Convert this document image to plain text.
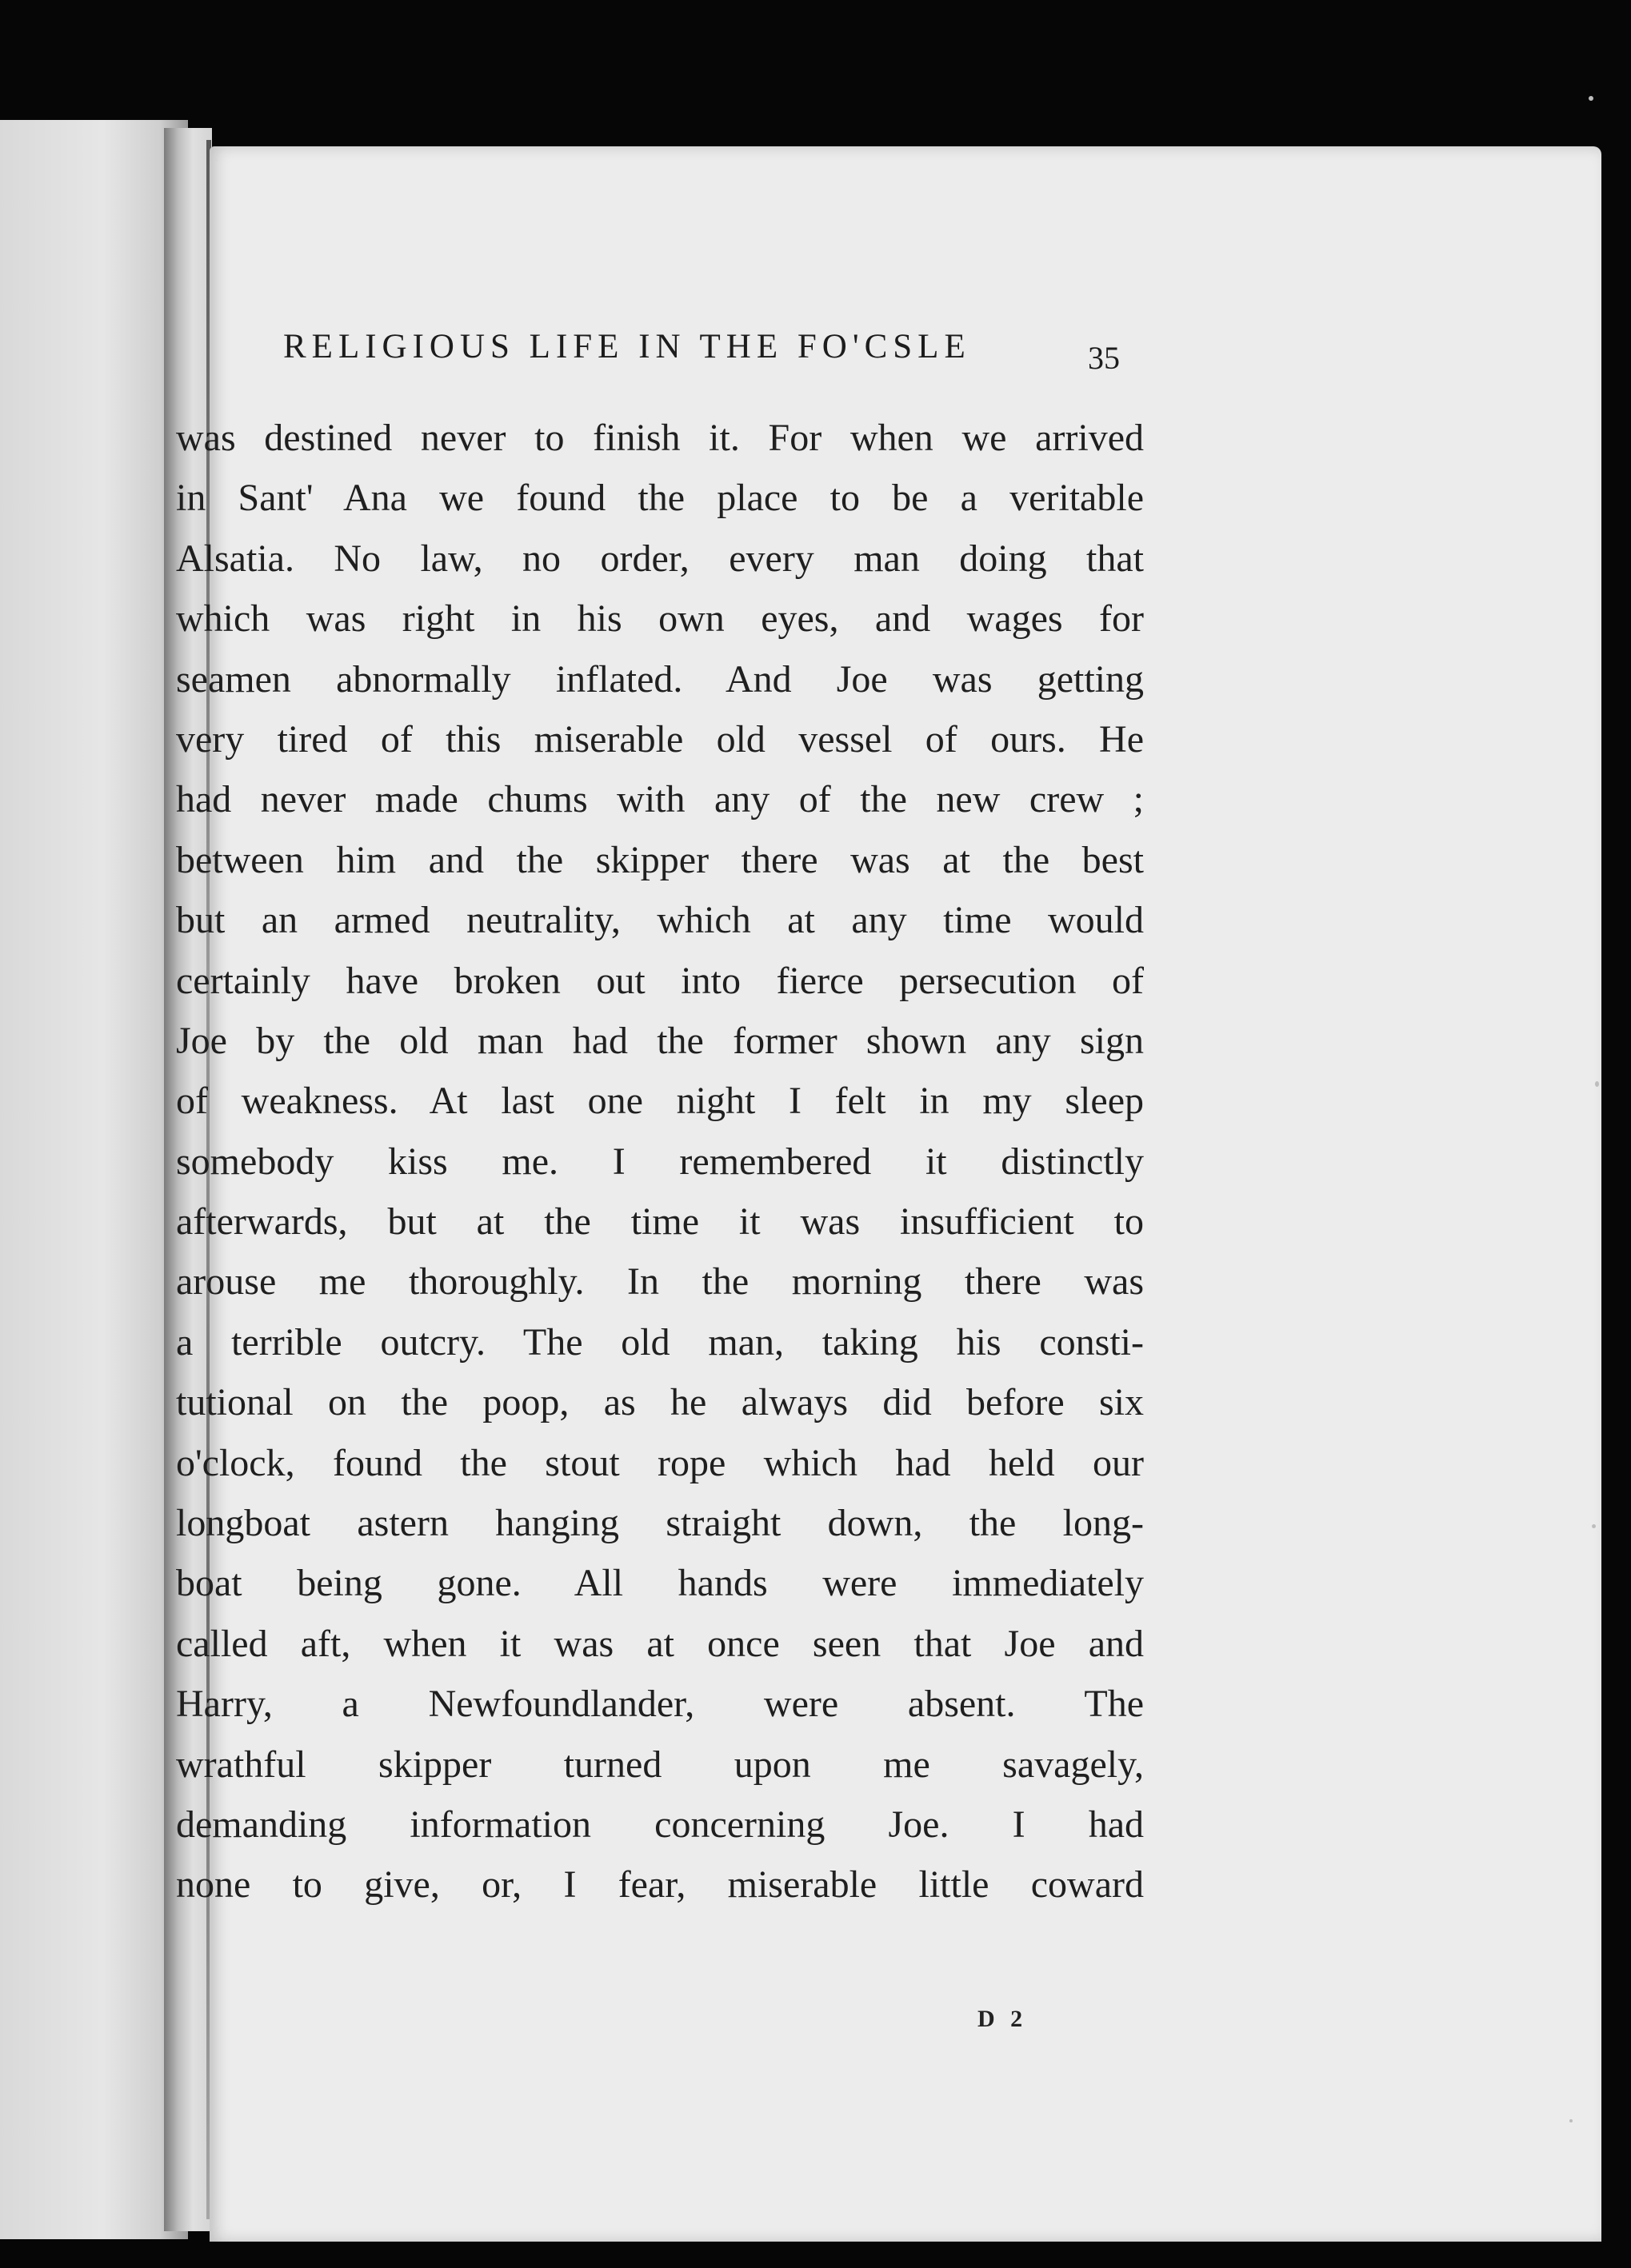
RELIGIOUS LIFE IN THE FO'CSLE	35
was destined never to finish it. For when we arrived
in Sant' Ana we found the place to be a veritable
Alsatia. No law, no order, every man doing that
which was right in his own eyes, and wages for
seamen abnormally inflated. And Joe was getting
very tired of this miserable old vessel of ours. He
had never made chums with any of the new crew ;
between him and the skipper there was at the best
but an armed neutrality, which at any time would
certainly have broken out into fierce persecution of
Joe by the old man had the former shown any sign
of weakness. At last one night I felt in my sleep
somebody kiss me. I remembered it distinctly
afterwards, but at the time it was insufficient to
arouse me thoroughly. In the morning there was
a terrible outcry. The old man, taking his consti-
tutional on the poop, as he always did before six
o'clock, found the stout rope which had held our
longboat astern hanging straight down, the long-
boat being gone. All hands were immediately
called aft, when it was at once seen that Joe and
Harry, a Newfoundlander, were absent. The
wrathful skipper turned upon me savagely,
demanding information concerning Joe. I had
none to give, or, I fear, miserable little coward
D 2
